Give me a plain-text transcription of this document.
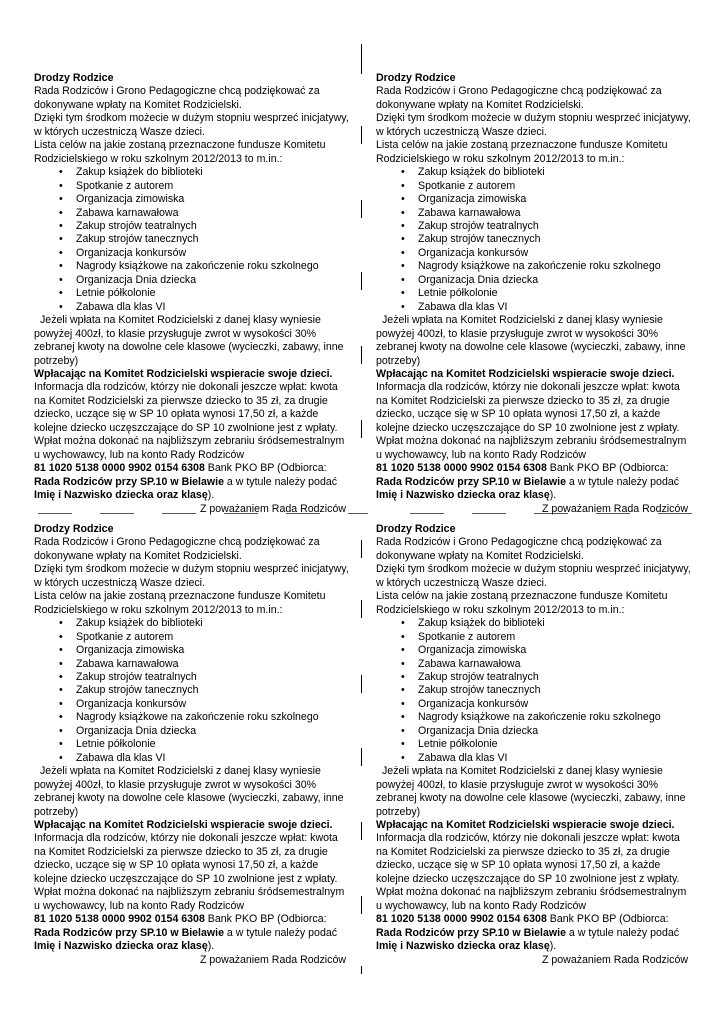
Drodzy Rodzice

Rada Rodziców i Grono Pedagogiczne chcą podziękować za dokonywane wpłaty na Komitet Rodzicielski.

Dzięki tym środkom możecie w dużym stopniu wesprzeć inicjatywy, w których uczestniczą Wasze dzieci.

Lista celów na jakie zostaną przeznaczone fundusze Komitetu Rodzicielskiego w roku szkolnym 2012/2013 to m.in.:

• Zakup książek do biblioteki
• Spotkanie z autorem
• Organizacja zimowiska
• Zabawa karnawałowa
• Zakup strojów teatralnych
• Zakup strojów tanecznych
• Organizacja konkursów
• Nagrody książkowe na zakończenie roku szkolnego
• Organizacja Dnia dziecka
• Letnie półkolonie
• Zabawa dla klas VI

Jeżeli wpłata na Komitet Rodzicielski z danej klasy wyniesie powyżej 400zł, to klasie przysługuje zwrot w wysokości 30% zebranej kwoty na dowolne cele klasowe (wycieczki, zabawy, inne potrzeby)

Wpłacając na Komitet Rodzicielski wspieracie swoje dzieci.

Informacja dla rodziców, którzy nie dokonali jeszcze wpłat: kwota na Komitet Rodzicielski za pierwsze dziecko to 35 zł, za drugie dziecko, uczące się w SP 10 opłata wynosi 17,50 zł, a każde kolejne dziecko uczęszczające do SP 10 zwolnione jest z wpłaty. Wpłat można dokonać na najbliższym zebraniu śródsemestralnym u wychowawcy, lub na konto Rady Rodziców
81 1020 5138 0000 9902 0154 6308 Bank PKO BP (Odbiorca:
Rada Rodziców przy SP.10 w Bielawie a w tytule należy podać Imię i Nazwisko dziecka oraz klasę).

Z poważaniem Rada Rodziców

Drodzy Rodzice

Rada Rodziców i Grono Pedagogiczne chcą podziękować za dokonywane wpłaty na Komitet Rodzicielski.

Dzięki tym środkom możecie w dużym stopniu wesprzeć inicjatywy, w których uczestniczą Wasze dzieci.

Lista celów na jakie zostaną przeznaczone fundusze Komitetu Rodzicielskiego w roku szkolnym 2012/2013 to m.in.:

• Zakup książek do biblioteki
• Spotkanie z autorem
• Organizacja zimowiska
• Zabawa karnawałowa
• Zakup strojów teatralnych
• Zakup strojów tanecznych
• Organizacja konkursów
• Nagrody książkowe na zakończenie roku szkolnego
• Organizacja Dnia dziecka
• Letnie półkolonie
• Zabawa dla klas VI

Jeżeli wpłata na Komitet Rodzicielski z danej klasy wyniesie powyżej 400zł, to klasie przysługuje zwrot w wysokości 30% zebranej kwoty na dowolne cele klasowe (wycieczki, zabawy, inne potrzeby)

Wpłacając na Komitet Rodzicielski wspieracie swoje dzieci.

Informacja dla rodziców, którzy nie dokonali jeszcze wpłat: kwota na Komitet Rodzicielski za pierwsze dziecko to 35 zł, za drugie dziecko, uczące się w SP 10 opłata wynosi 17,50 zł, a każde kolejne dziecko uczęszczające do SP 10 zwolnione jest z wpłaty. Wpłat można dokonać na najbliższym zebraniu śródsemestralnym u wychowawcy, lub na konto Rady Rodziców
81 1020 5138 0000 9902 0154 6308 Bank PKO BP (Odbiorca:
Rada Rodziców przy SP.10 w Bielawie a w tytule należy podać Imię i Nazwisko dziecka oraz klasę).

Z poważaniem Rada Rodziców

Drodzy Rodzice

Rada Rodziców i Grono Pedagogiczne chcą podziękować za dokonywane wpłaty na Komitet Rodzicielski.

Dzięki tym środkom możecie w dużym stopniu wesprzeć inicjatywy, w których uczestniczą Wasze dzieci.

Lista celów na jakie zostaną przeznaczone fundusze Komitetu Rodzicielskiego w roku szkolnym 2012/2013 to m.in.:

• Zakup książek do biblioteki
• Spotkanie z autorem
• Organizacja zimowiska
• Zabawa karnawałowa
• Zakup strojów teatralnych
• Zakup strojów tanecznych
• Organizacja konkursów
• Nagrody książkowe na zakończenie roku szkolnego
• Organizacja Dnia dziecka
• Letnie półkolonie
• Zabawa dla klas VI

Jeżeli wpłata na Komitet Rodzicielski z danej klasy wyniesie powyżej 400zł, to klasie przysługuje zwrot w wysokości 30% zebranej kwoty na dowolne cele klasowe (wycieczki, zabawy, inne potrzeby)

Wpłacając na Komitet Rodzicielski wspieracie swoje dzieci.

Informacja dla rodziców, którzy nie dokonali jeszcze wpłat: kwota na Komitet Rodzicielski za pierwsze dziecko to 35 zł, za drugie dziecko, uczące się w SP 10 opłata wynosi 17,50 zł, a każde kolejne dziecko uczęszczające do SP 10 zwolnione jest z wpłaty. Wpłat można dokonać na najbliższym zebraniu śródsemestralnym u wychowawcy, lub na konto Rady Rodziców
81 1020 5138 0000 9902 0154 6308 Bank PKO BP (Odbiorca:
Rada Rodziców przy SP.10 w Bielawie a w tytule należy podać Imię i Nazwisko dziecka oraz klasę).

Z poważaniem Rada Rodziców

Drodzy Rodzice

Rada Rodziców i Grono Pedagogiczne chcą podziękować za dokonywane wpłaty na Komitet Rodzicielski.

Dzięki tym środkom możecie w dużym stopniu wesprzeć inicjatywy, w których uczestniczą Wasze dzieci.

Lista celów na jakie zostaną przeznaczone fundusze Komitetu Rodzicielskiego w roku szkolnym 2012/2013 to m.in.:

• Zakup książek do biblioteki
• Spotkanie z autorem
• Organizacja zimowiska
• Zabawa karnawałowa
• Zakup strojów teatralnych
• Zakup strojów tanecznych
• Organizacja konkursów
• Nagrody książkowe na zakończenie roku szkolnego
• Organizacja Dnia dziecka
• Letnie półkolonie
• Zabawa dla klas VI

Jeżeli wpłata na Komitet Rodzicielski z danej klasy wyniesie powyżej 400zł, to klasie przysługuje zwrot w wysokości 30% zebranej kwoty na dowolne cele klasowe (wycieczki, zabawy, inne potrzeby)

Wpłacając na Komitet Rodzicielski wspieracie swoje dzieci.

Informacja dla rodziców, którzy nie dokonali jeszcze wpłat: kwota na Komitet Rodzicielski za pierwsze dziecko to 35 zł, za drugie dziecko, uczące się w SP 10 opłata wynosi 17,50 zł, a każde kolejne dziecko uczęszczające do SP 10 zwolnione jest z wpłaty. Wpłat można dokonać na najbliższym zebraniu śródsemestralnym u wychowawcy, lub na konto Rady Rodziców
81 1020 5138 0000 9902 0154 6308 Bank PKO BP (Odbiorca:
Rada Rodziców przy SP.10 w Bielawie a w tytule należy podać Imię i Nazwisko dziecka oraz klasę).

Z poważaniem Rada Rodziców
